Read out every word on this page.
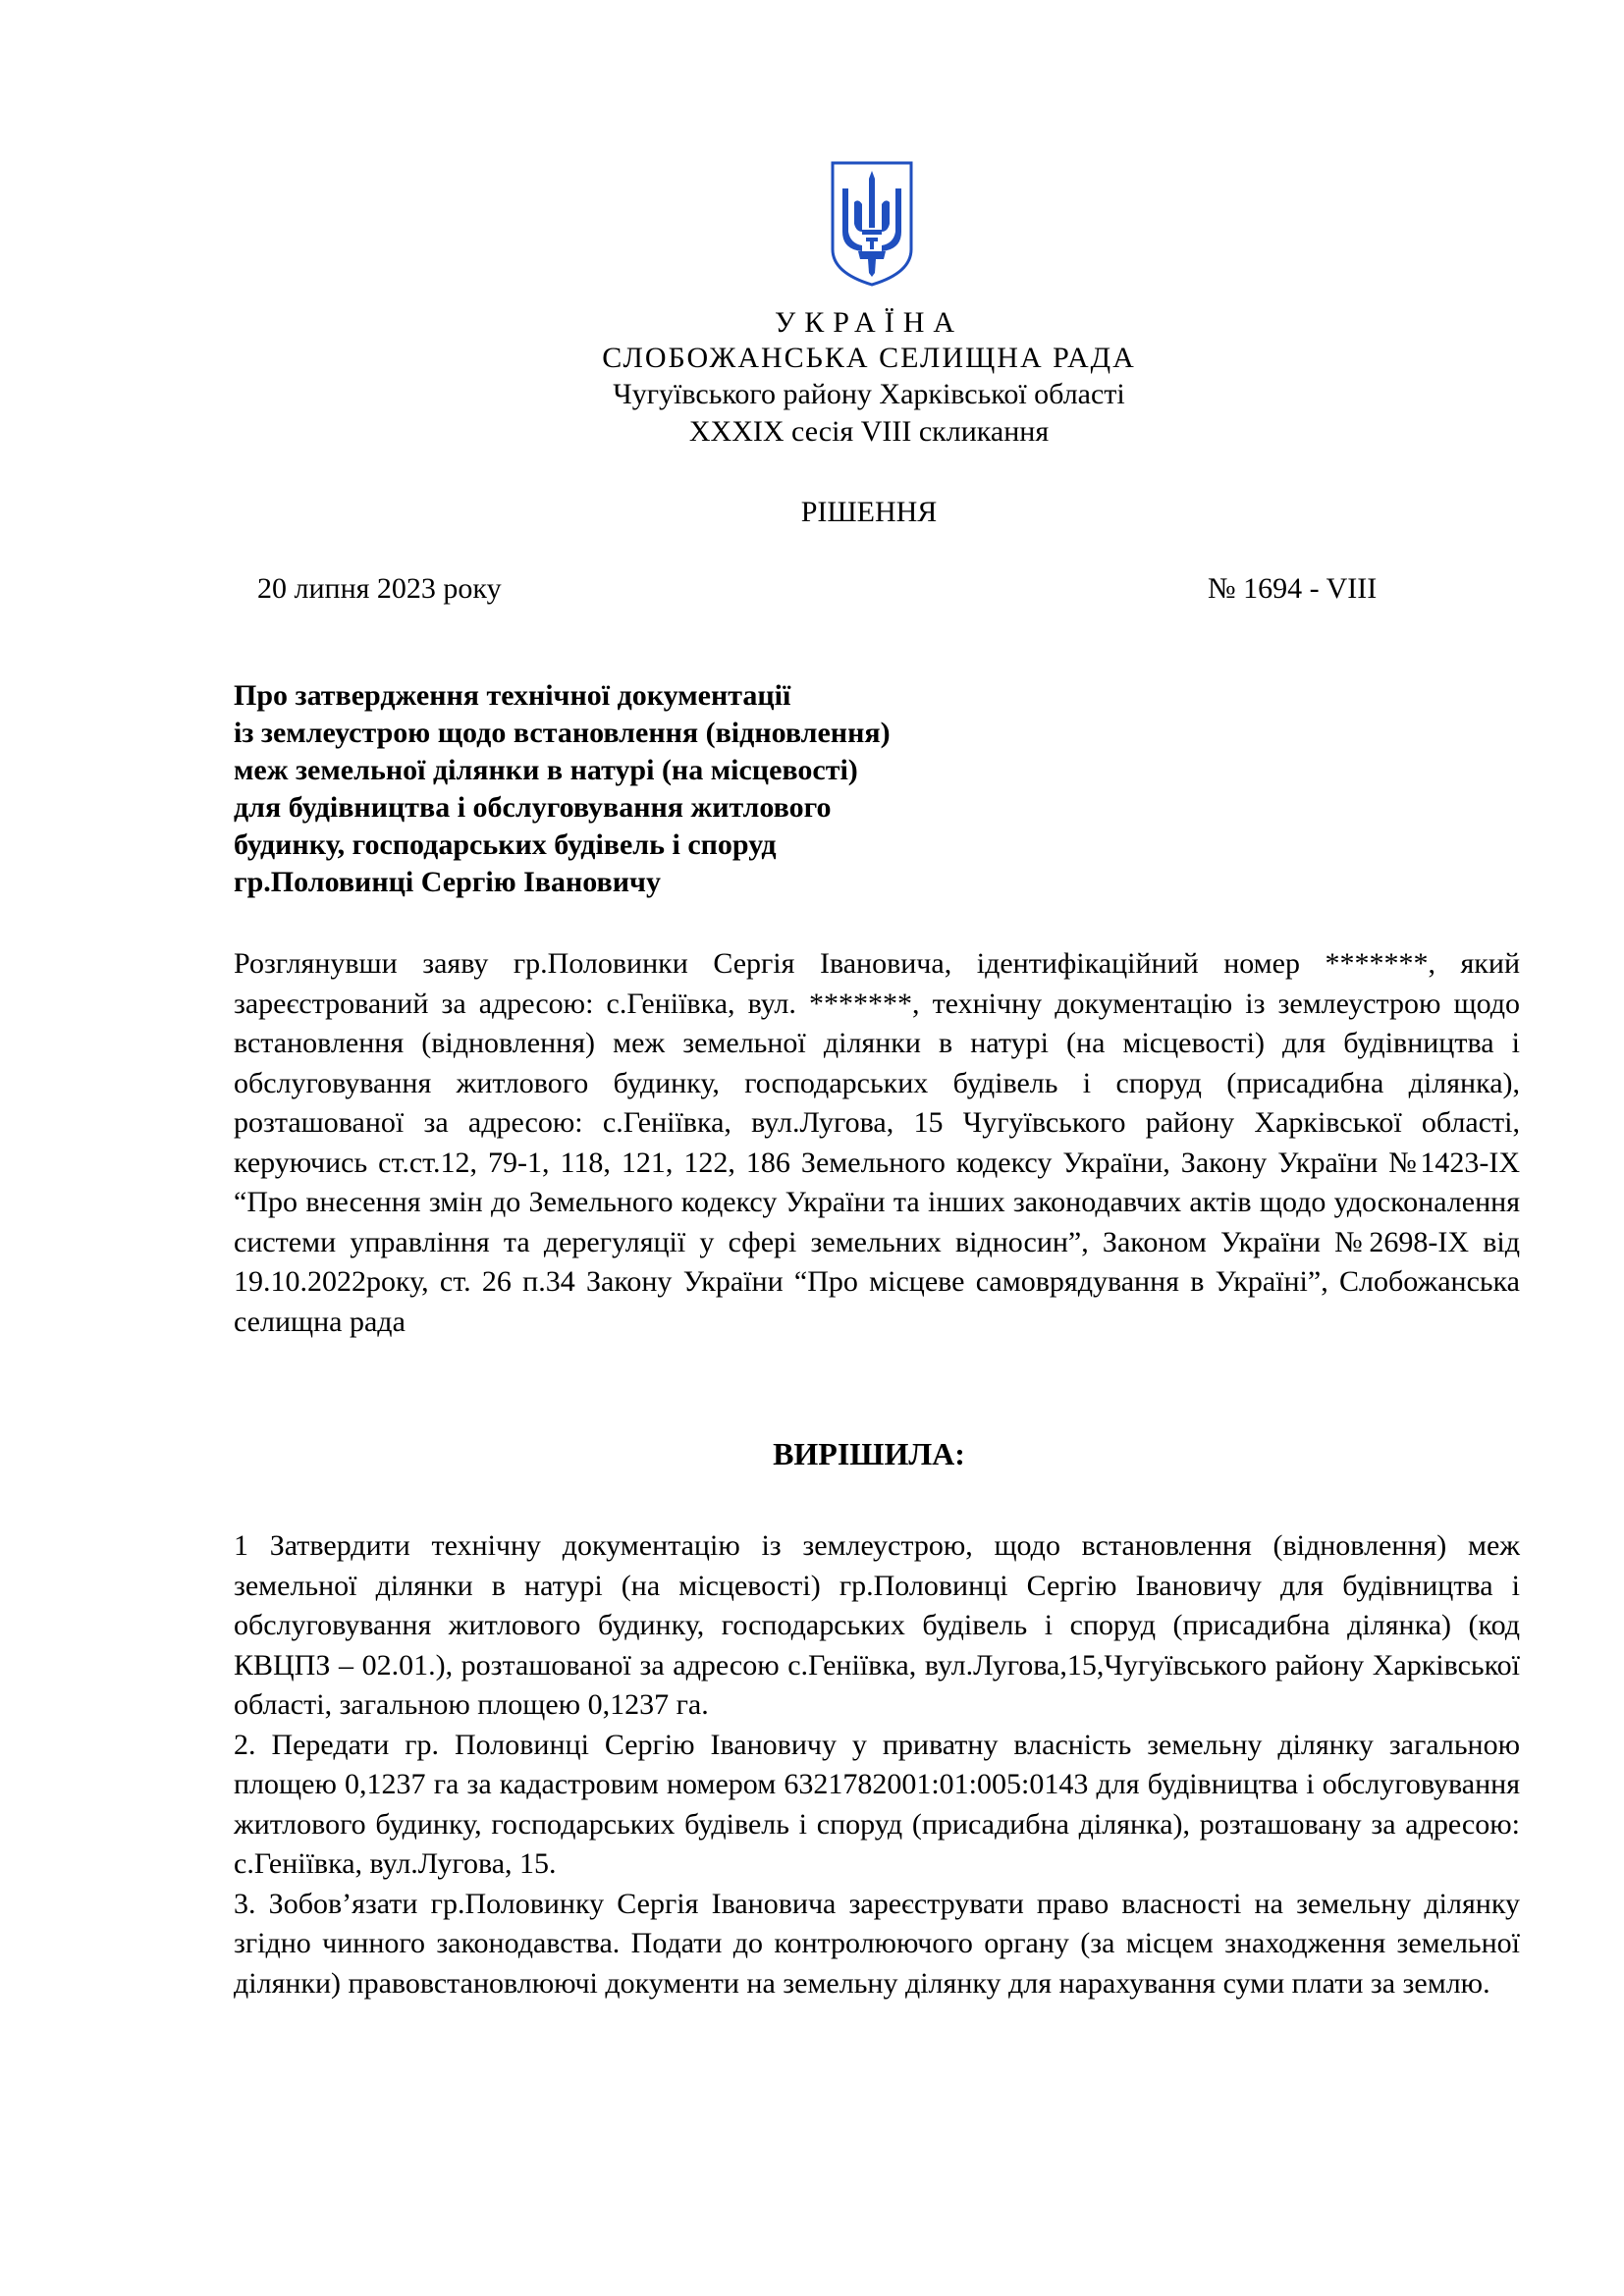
УКРАЇНА
СЛОБОЖАНСЬКА СЕЛИЩНА РАДА
Чугуївського району Харківської області
XXXIX сесія VIII скликання
РІШЕННЯ
20 липня 2023 року	№ 1694 - VIII
Про затвердження технічної документації
із землеустрою щодо встановлення (відновлення)
меж земельної ділянки в натурі (на місцевості)
для будівництва і обслуговування житлового
будинку, господарських будівель і споруд
гр.Половинці Сергію Івановичу
Розглянувши заяву гр.Половинки Сергія Івановича, ідентифікаційний номер *******, який зареєстрований за адресою: с.Геніївка, вул. *******, технічну документацію із землеустрою щодо встановлення (відновлення) меж земельної ділянки в натурі (на місцевості) для будівництва і обслуговування житлового будинку, господарських будівель і споруд (присадибна ділянка), розташованої за адресою: с.Геніївка, вул.Лугова, 15 Чугуївського району Харківської області, керуючись ст.ст.12, 79-1, 118, 121, 122, 186 Земельного кодексу України, Закону України №1423-IX “Про внесення змін до Земельного кодексу України та інших законодавчих актів щодо удосконалення системи управління та дерегуляції у сфері земельних відносин”, Законом України №2698-IX від 19.10.2022року, ст. 26 п.34 Закону України “Про місцеве самоврядування в Україні”, Слобожанська селищна рада
ВИРІШИЛА:

1 Затвердити технічну документацію із землеустрою, щодо встановлення (відновлення) меж земельної ділянки в натурі (на місцевості) гр.Половинці Сергію Івановичу для будівництва і обслуговування житлового будинку, господарських будівель і споруд (присадибна ділянка) (код КВЦПЗ – 02.01.), розташованої за адресою с.Геніївка, вул.Лугова,15,Чугуївського району Харківської області, загальною площею 0,1237 га.

2. Передати гр. Половинці Сергію Івановичу у приватну власність земельну ділянку загальною площею 0,1237 га за кадастровим номером 6321782001:01:005:0143 для будівництва і обслуговування житлового будинку, господарських будівель і споруд (присадибна ділянка), розташовану за адресою: с.Геніївка, вул.Лугова, 15.

3. Зобов’язати гр.Половинку Сергія Івановича зареєструвати право власності на земельну ділянку згідно чинного законодавства. Подати до контролюючого органу (за місцем знаходження земельної ділянки) правовстановлюючі документи на земельну ділянку для нарахування суми плати за землю.
